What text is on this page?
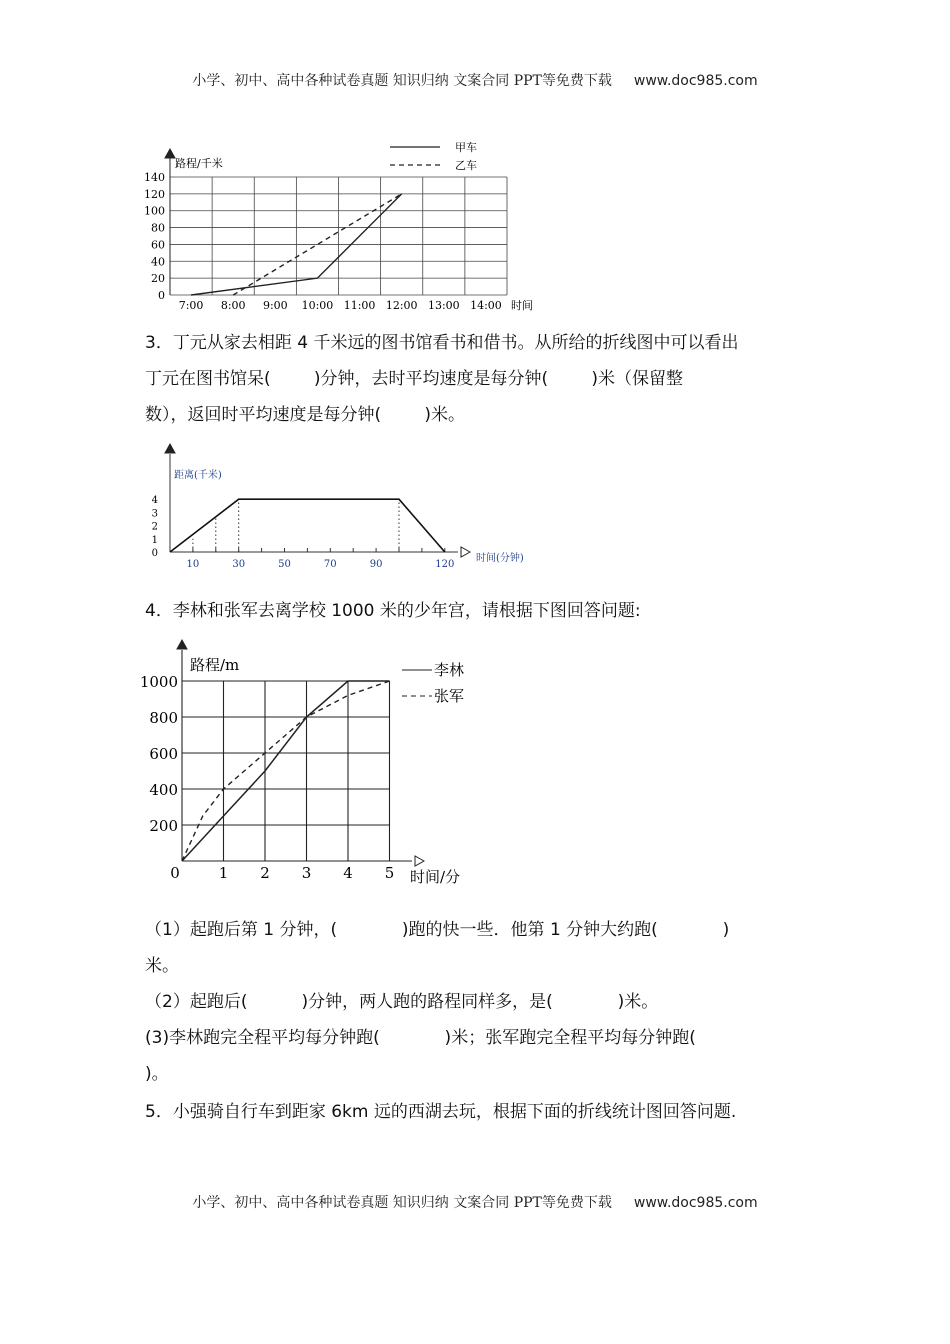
小学、初中、高中各种试卷真题 知识归纳 文案合同 PPT等免费下载 www.doc985.com
0
20
40
60
80
100
120
140
7:00 8:00 9:00 10:00 11:00 12:00 13:00 14:00 时间
路程/千米
甲车
乙车

3．丁元从家去相距 4 千米远的图书馆看书和借书。从所给的折线图中可以看出

丁元在图书馆呆(        )分钟，去时平均速度是每分钟(        )米（保留整

数），返回时平均速度是每分钟(        )米。

10	30	50	70	90	120
0
1
2
3
4
距离(千米)
时间(分钟)

4．李林和张军去离学校 1000 米的少年宫，请根据下图回答问题:

200
400
600
800
1000
0	1 2 3 4 5
路程/m
时间/分
李林
张军

（1）起跑后第 1 分钟，(            )跑的快一些．他第 1 分钟大约跑(            )

米。

（2）起跑后(          )分钟，两人跑的路程同样多，是(            )米。

(3)李林跑完全程平均每分钟跑(            )米；张军跑完全程平均每分钟跑(

)。

5．小强骑自行车到距家 6km 远的西湖去玩，根据下面的折线统计图回答问题.

小学、初中、高中各种试卷真题 知识归纳 文案合同 PPT等免费下载 www.doc985.com
